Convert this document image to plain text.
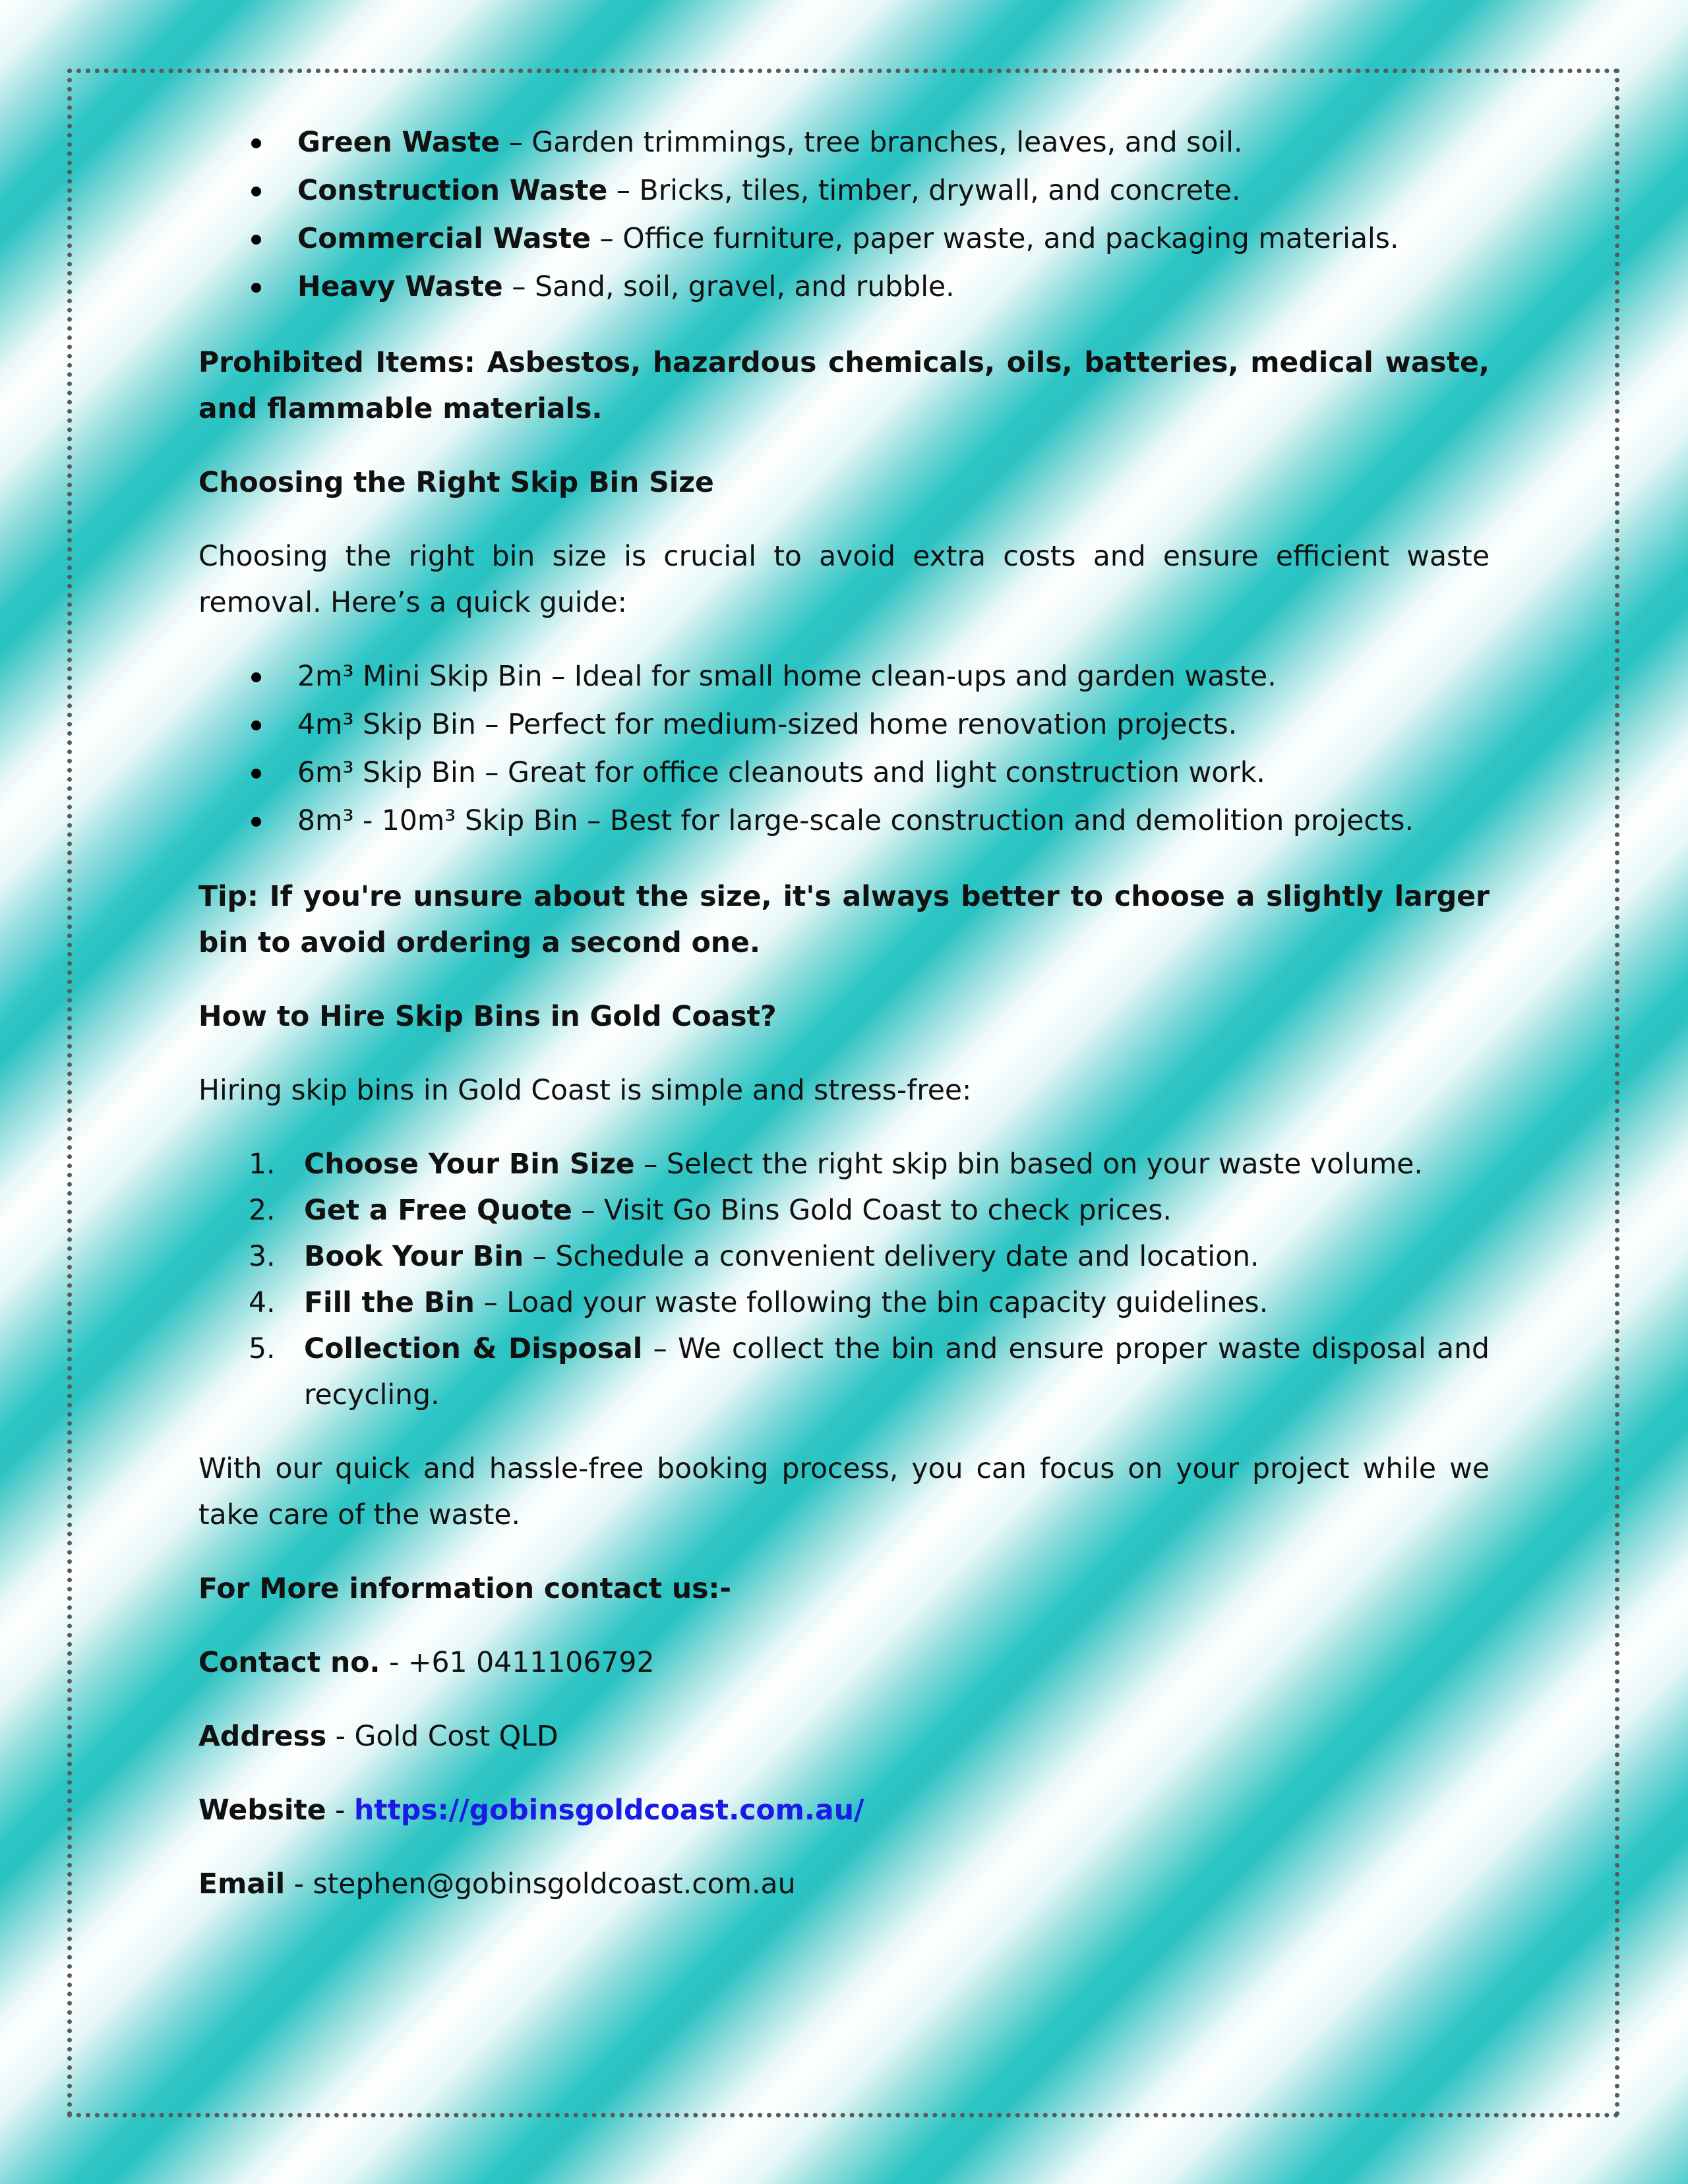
Green Waste – Garden trimmings, tree branches, leaves, and soil.
Construction Waste – Bricks, tiles, timber, drywall, and concrete.
Commercial Waste – Office furniture, paper waste, and packaging materials.
Heavy Waste – Sand, soil, gravel, and rubble.

Prohibited Items: Asbestos, hazardous chemicals, oils, batteries, medical waste, and flammable materials.

Choosing the Right Skip Bin Size

Choosing the right bin size is crucial to avoid extra costs and ensure efficient waste removal. Here’s a quick guide:

2m³ Mini Skip Bin – Ideal for small home clean-ups and garden waste.
4m³ Skip Bin – Perfect for medium-sized home renovation projects.
6m³ Skip Bin – Great for office cleanouts and light construction work.
8m³ - 10m³ Skip Bin – Best for large-scale construction and demolition projects.

Tip: If you're unsure about the size, it's always better to choose a slightly larger bin to avoid ordering a second one.

How to Hire Skip Bins in Gold Coast?

Hiring skip bins in Gold Coast is simple and stress-free:

1. Choose Your Bin Size – Select the right skip bin based on your waste volume.
2. Get a Free Quote – Visit Go Bins Gold Coast to check prices.
3. Book Your Bin – Schedule a convenient delivery date and location.
4. Fill the Bin – Load your waste following the bin capacity guidelines.
5. Collection & Disposal – We collect the bin and ensure proper waste disposal and recycling.

With our quick and hassle-free booking process, you can focus on your project while we take care of the waste.

For More information contact us:-

Contact no. - +61 0411106792

Address - Gold Cost QLD

Website - https://gobinsgoldcoast.com.au/

Email - stephen@gobinsgoldcoast.com.au
